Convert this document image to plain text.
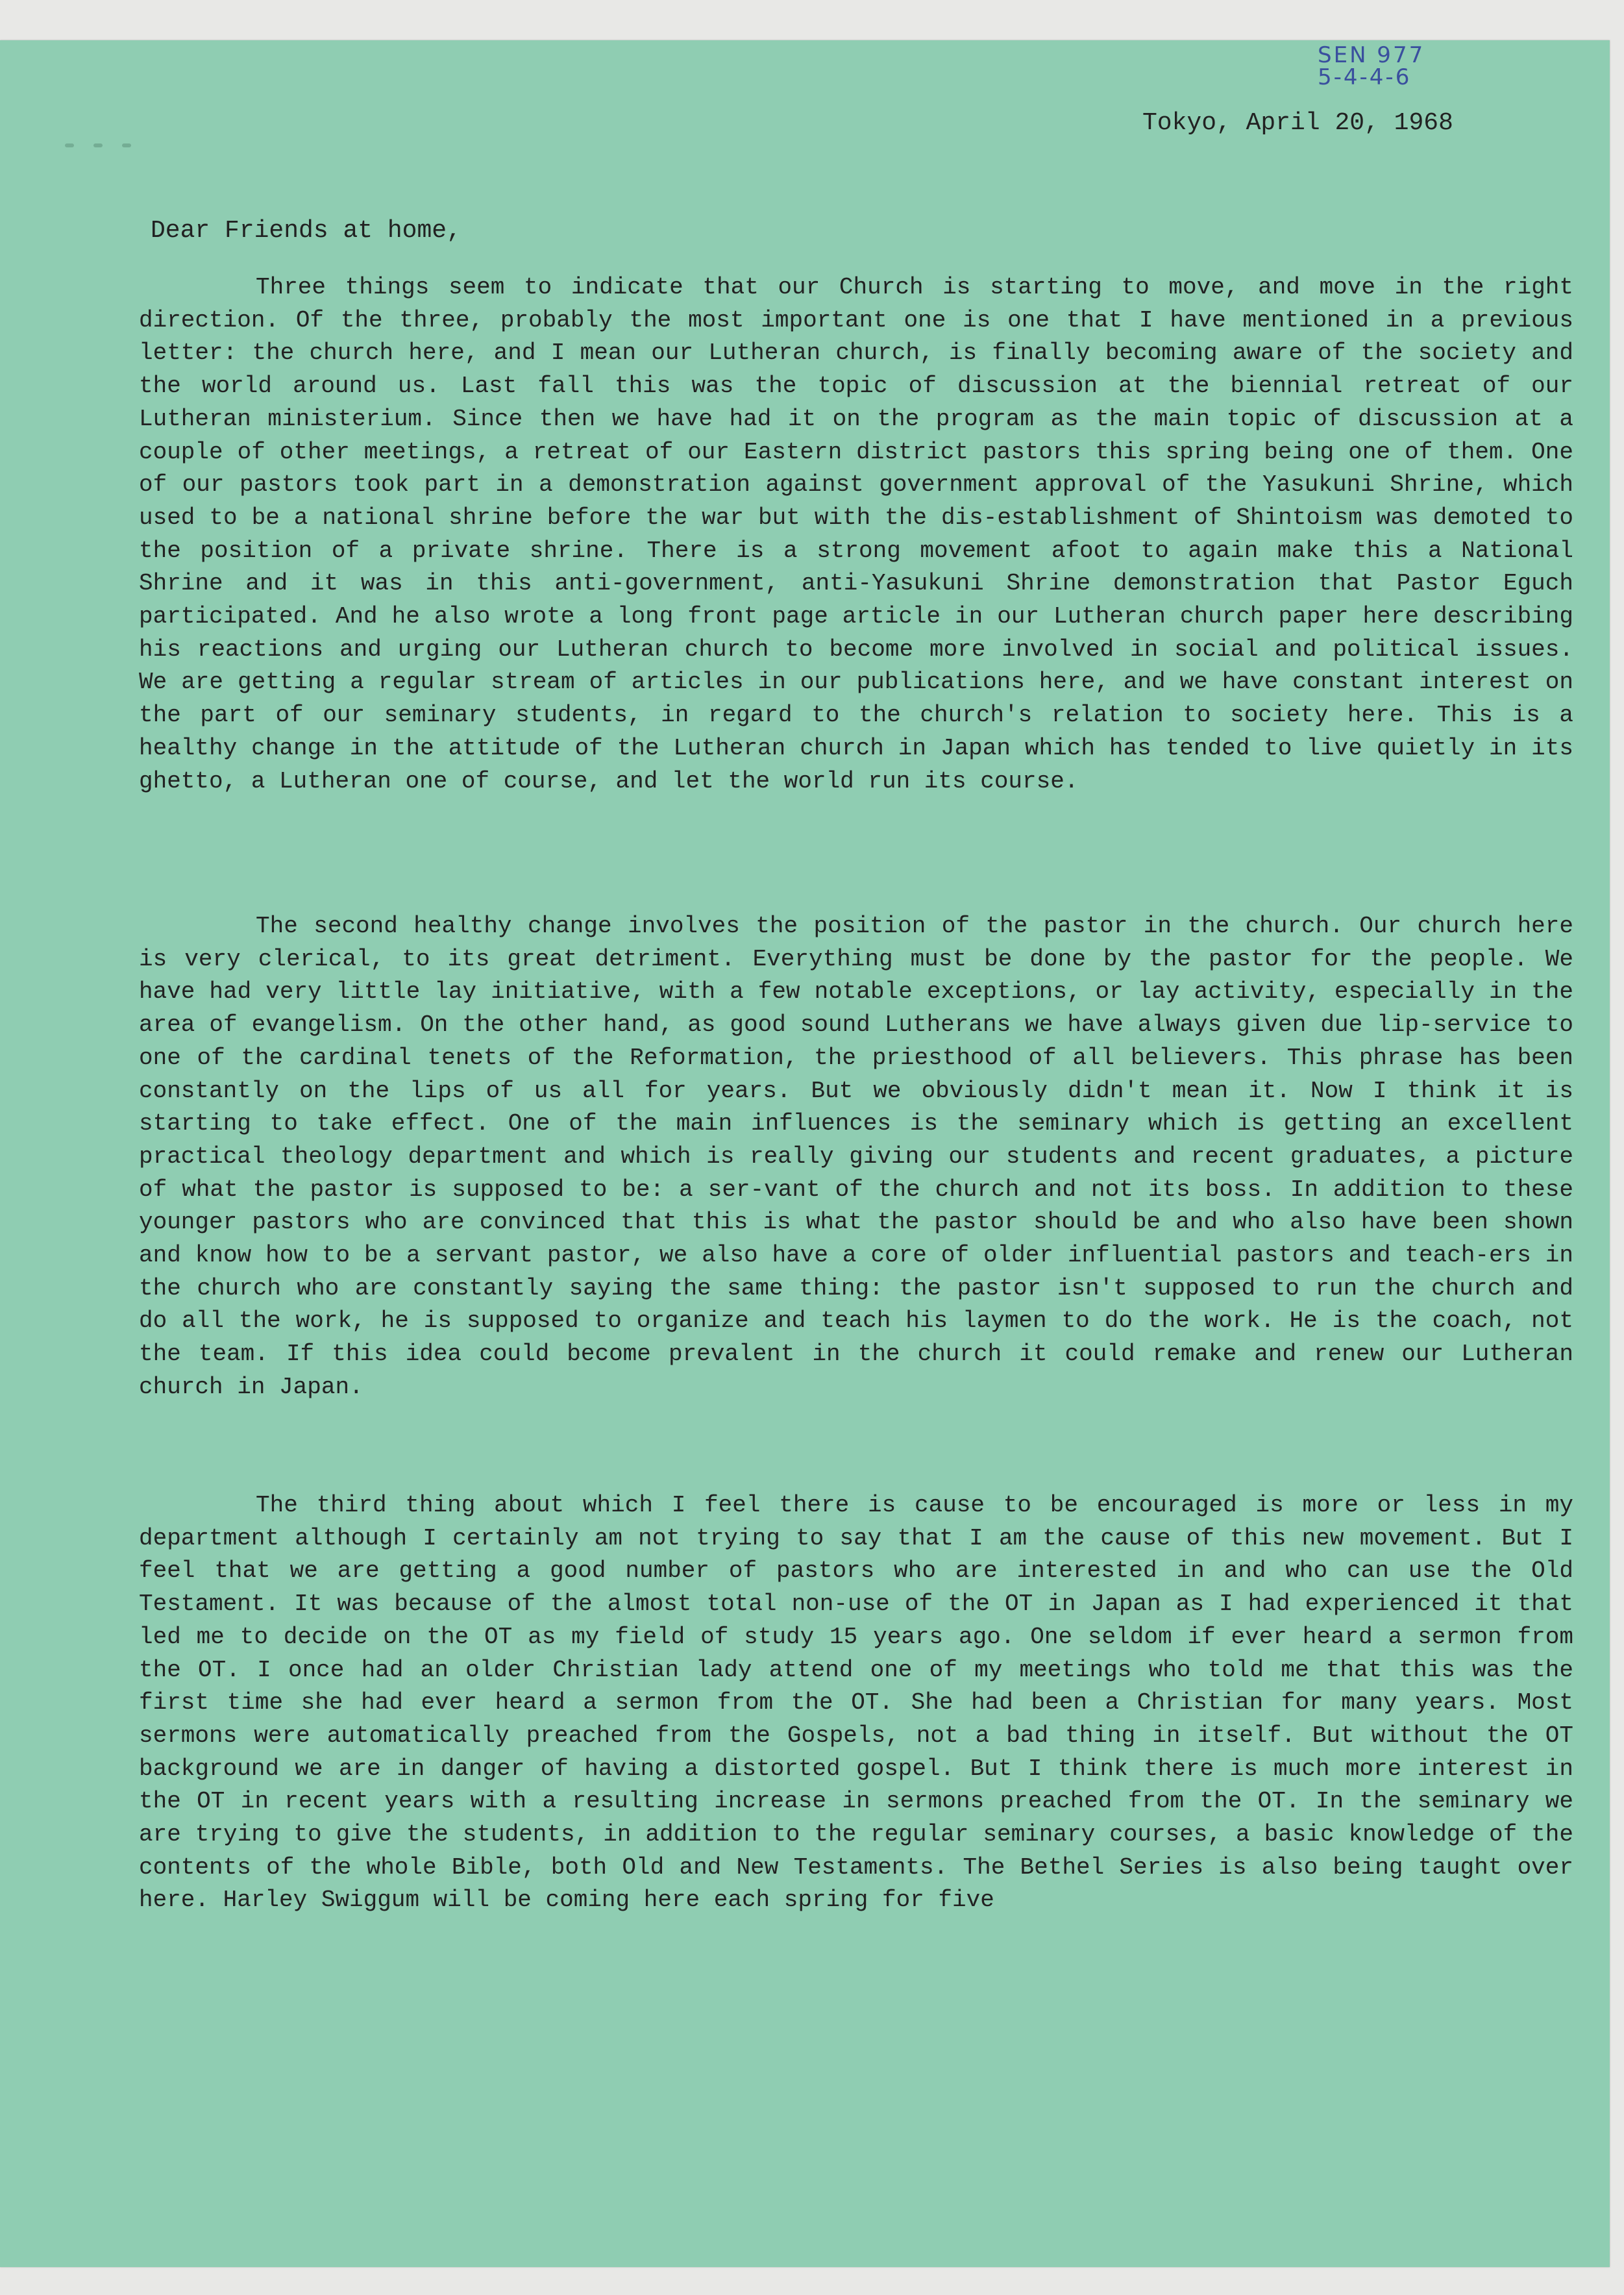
SEN 977
5-4-4-6
Tokyo, April 20, 1968
Dear Friends at home,

Three things seem to indicate that our Church is starting to move, and move in the right direction. Of the three, probably the most important one is one that I have mentioned in a previous letter: the church here, and I mean our Lutheran church, is finally becoming aware of the society and the world around us. Last fall this was the topic of discussion at the biennial retreat of our Lutheran ministerium. Since then we have had it on the program as the main topic of discussion at a couple of other meetings, a retreat of our Eastern district pastors this spring being one of them. One of our pastors took part in a demonstration against government approval of the Yasukuni Shrine, which used to be a national shrine before the war but with the dis-establishment of Shintoism was demoted to the position of a private shrine. There is a strong movement afoot to again make this a National Shrine and it was in this anti-government, anti-Yasukuni Shrine demonstration that Pastor Eguch participated. And he also wrote a long front page article in our Lutheran church paper here describing his reactions and urging our Lutheran church to become more involved in social and political issues. We are getting a regular stream of articles in our publications here, and we have constant interest on the part of our seminary students, in regard to the church's relation to society here. This is a healthy change in the attitude of the Lutheran church in Japan which has tended to live quietly in its ghetto, a Lutheran one of course, and let the world run its course.

The second healthy change involves the position of the pastor in the church. Our church here is very clerical, to its great detriment. Everything must be done by the pastor for the people. We have had very little lay initiative, with a few notable exceptions, or lay activity, especially in the area of evangelism. On the other hand, as good sound Lutherans we have always given due lip-service to one of the cardinal tenets of the Reformation, the priesthood of all believers. This phrase has been constantly on the lips of us all for years. But we obviously didn't mean it. Now I think it is starting to take effect. One of the main influences is the seminary which is getting an excellent practical theology department and which is really giving our students and recent graduates, a picture of what the pastor is supposed to be: a ser-vant of the church and not its boss. In addition to these younger pastors who are convinced that this is what the pastor should be and who also have been shown and know how to be a servant pastor, we also have a core of older influential pastors and teach-ers in the church who are constantly saying the same thing: the pastor isn't supposed to run the church and do all the work, he is supposed to organize and teach his laymen to do the work. He is the coach, not the team. If this idea could become prevalent in the church it could remake and renew our Lutheran church in Japan.

The third thing about which I feel there is cause to be encouraged is more or less in my department although I certainly am not trying to say that I am the cause of this new movement. But I feel that we are getting a good number of pastors who are interested in and who can use the Old Testament. It was because of the almost total non-use of the OT in Japan as I had experienced it that led me to decide on the OT as my field of study 15 years ago. One seldom if ever heard a sermon from the OT. I once had an older Christian lady attend one of my meetings who told me that this was the first time she had ever heard a sermon from the OT. She had been a Christian for many years. Most sermons were automatically preached from the Gospels, not a bad thing in itself. But without the OT background we are in danger of having a distorted gospel. But I think there is much more interest in the OT in recent years with a resulting increase in sermons preached from the OT. In the seminary we are trying to give the students, in addition to the regular seminary courses, a basic knowledge of the contents of the whole Bible, both Old and New Testaments. The Bethel Series is also being taught over here. Harley Swiggum will be coming here each spring for five
